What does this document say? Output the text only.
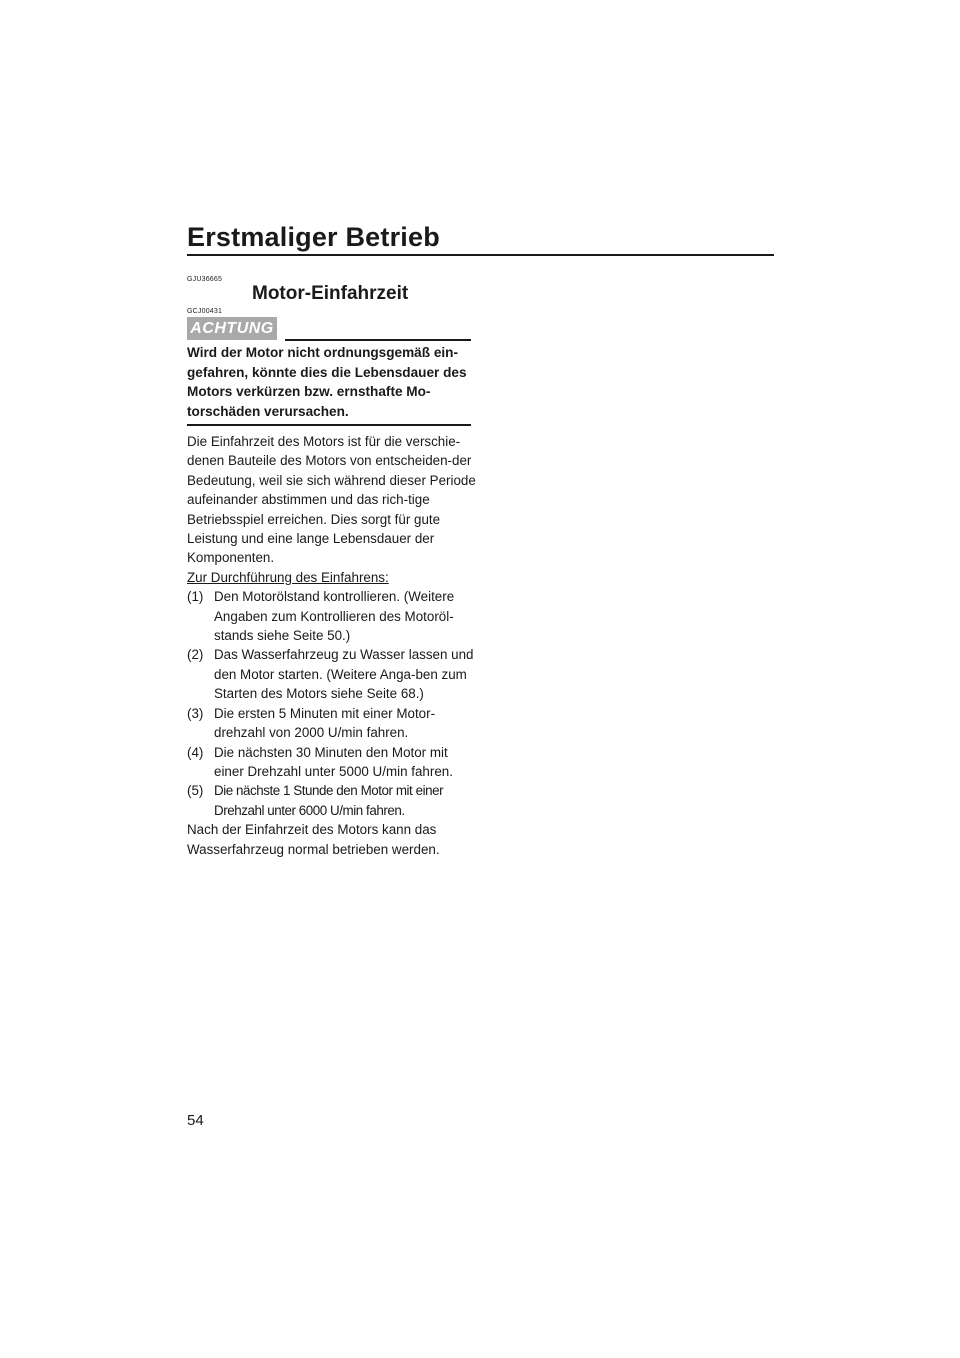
Erstmaliger Betrieb
GJU36665
Motor-Einfahrzeit
GCJ00431
ACHTUNG

Wird der Motor nicht ordnungsgemäß ein-gefahren, könnte dies die Lebensdauer des Motors verkürzen bzw. ernsthafte Mo-torschäden verursachen.

Die Einfahrzeit des Motors ist für die verschie-denen Bauteile des Motors von entscheiden-der Bedeutung, weil sie sich während dieser Periode aufeinander abstimmen und das rich-tige Betriebsspiel erreichen. Dies sorgt für gute Leistung und eine lange Lebensdauer der Komponenten.

Zur Durchführung des Einfahrens:

(1) Den Motorölstand kontrollieren. (Weitere Angaben zum Kontrollieren des Motoröl-stands siehe Seite 50.)
(2) Das Wasserfahrzeug zu Wasser lassen und den Motor starten. (Weitere Anga-ben zum Starten des Motors siehe Seite 68.)
(3) Die ersten 5 Minuten mit einer Motor-drehzahl von 2000 U/min fahren.
(4) Die nächsten 30 Minuten den Motor mit einer Drehzahl unter 5000 U/min fahren.
(5) Die nächste 1 Stunde den Motor mit einer Drehzahl unter 6000 U/min fahren.

Nach der Einfahrzeit des Motors kann das Wasserfahrzeug normal betrieben werden.

54
